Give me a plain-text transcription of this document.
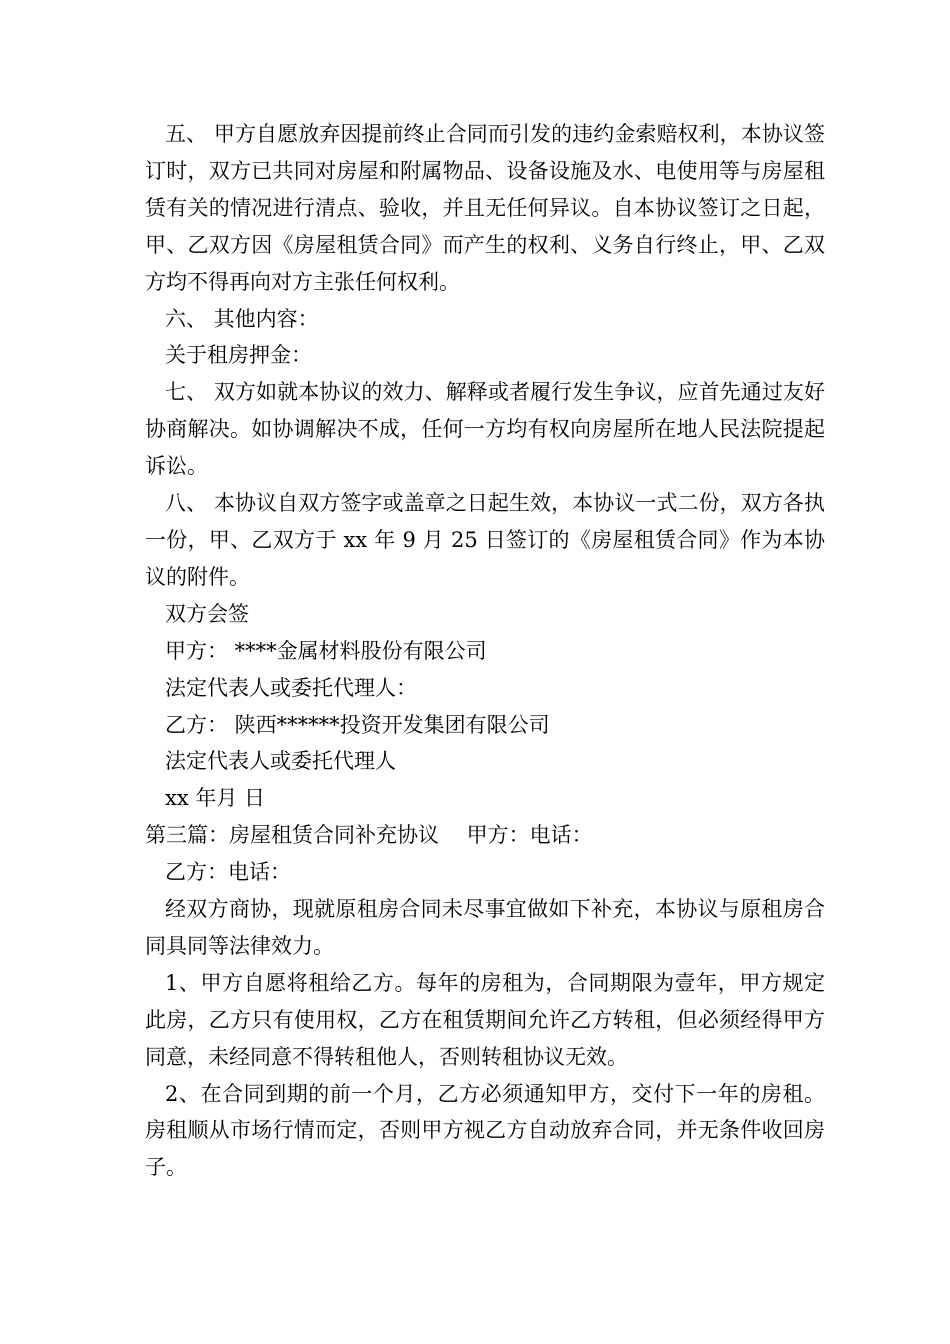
五、 甲方自愿放弃因提前终止合同而引发的违约金索赔权利，本协议签订时，双方已共同对房屋和附属物品、设备设施及水、电使用等与房屋租赁有关的情况进行清点、验收，并且无任何异议。自本协议签订之日起，甲、乙双方因《房屋租赁合同》而产生的权利、义务自行终止，甲、乙双方均不得再向对方主张任何权利。

六、 其他内容：

关于租房押金：

七、 双方如就本协议的效力、解释或者履行发生争议，应首先通过友好协商解决。如协调解决不成，任何一方均有权向房屋所在地人民法院提起诉讼。

八、 本协议自双方签字或盖章之日起生效，本协议一式二份，双方各执一份，甲、乙双方于 xx 年 9 月 25 日签订的《房屋租赁合同》作为本协议的附件。

双方会签

甲方： ****金属材料股份有限公司

法定代表人或委托代理人：

乙方： 陕西******投资开发集团有限公司

法定代表人或委托代理人

xx 年月 日

第三篇：房屋租赁合同补充协议　 甲方：电话：

乙方：电话：

经双方商协，现就原租房合同未尽事宜做如下补充，本协议与原租房合同具同等法律效力。

1、甲方自愿将租给乙方。每年的房租为，合同期限为壹年，甲方规定此房，乙方只有使用权，乙方在租赁期间允许乙方转租，但必须经得甲方同意，未经同意不得转租他人，否则转租协议无效。

2、在合同到期的前一个月，乙方必须通知甲方，交付下一年的房租。房租顺从市场行情而定，否则甲方视乙方自动放弃合同，并无条件收回房子。
